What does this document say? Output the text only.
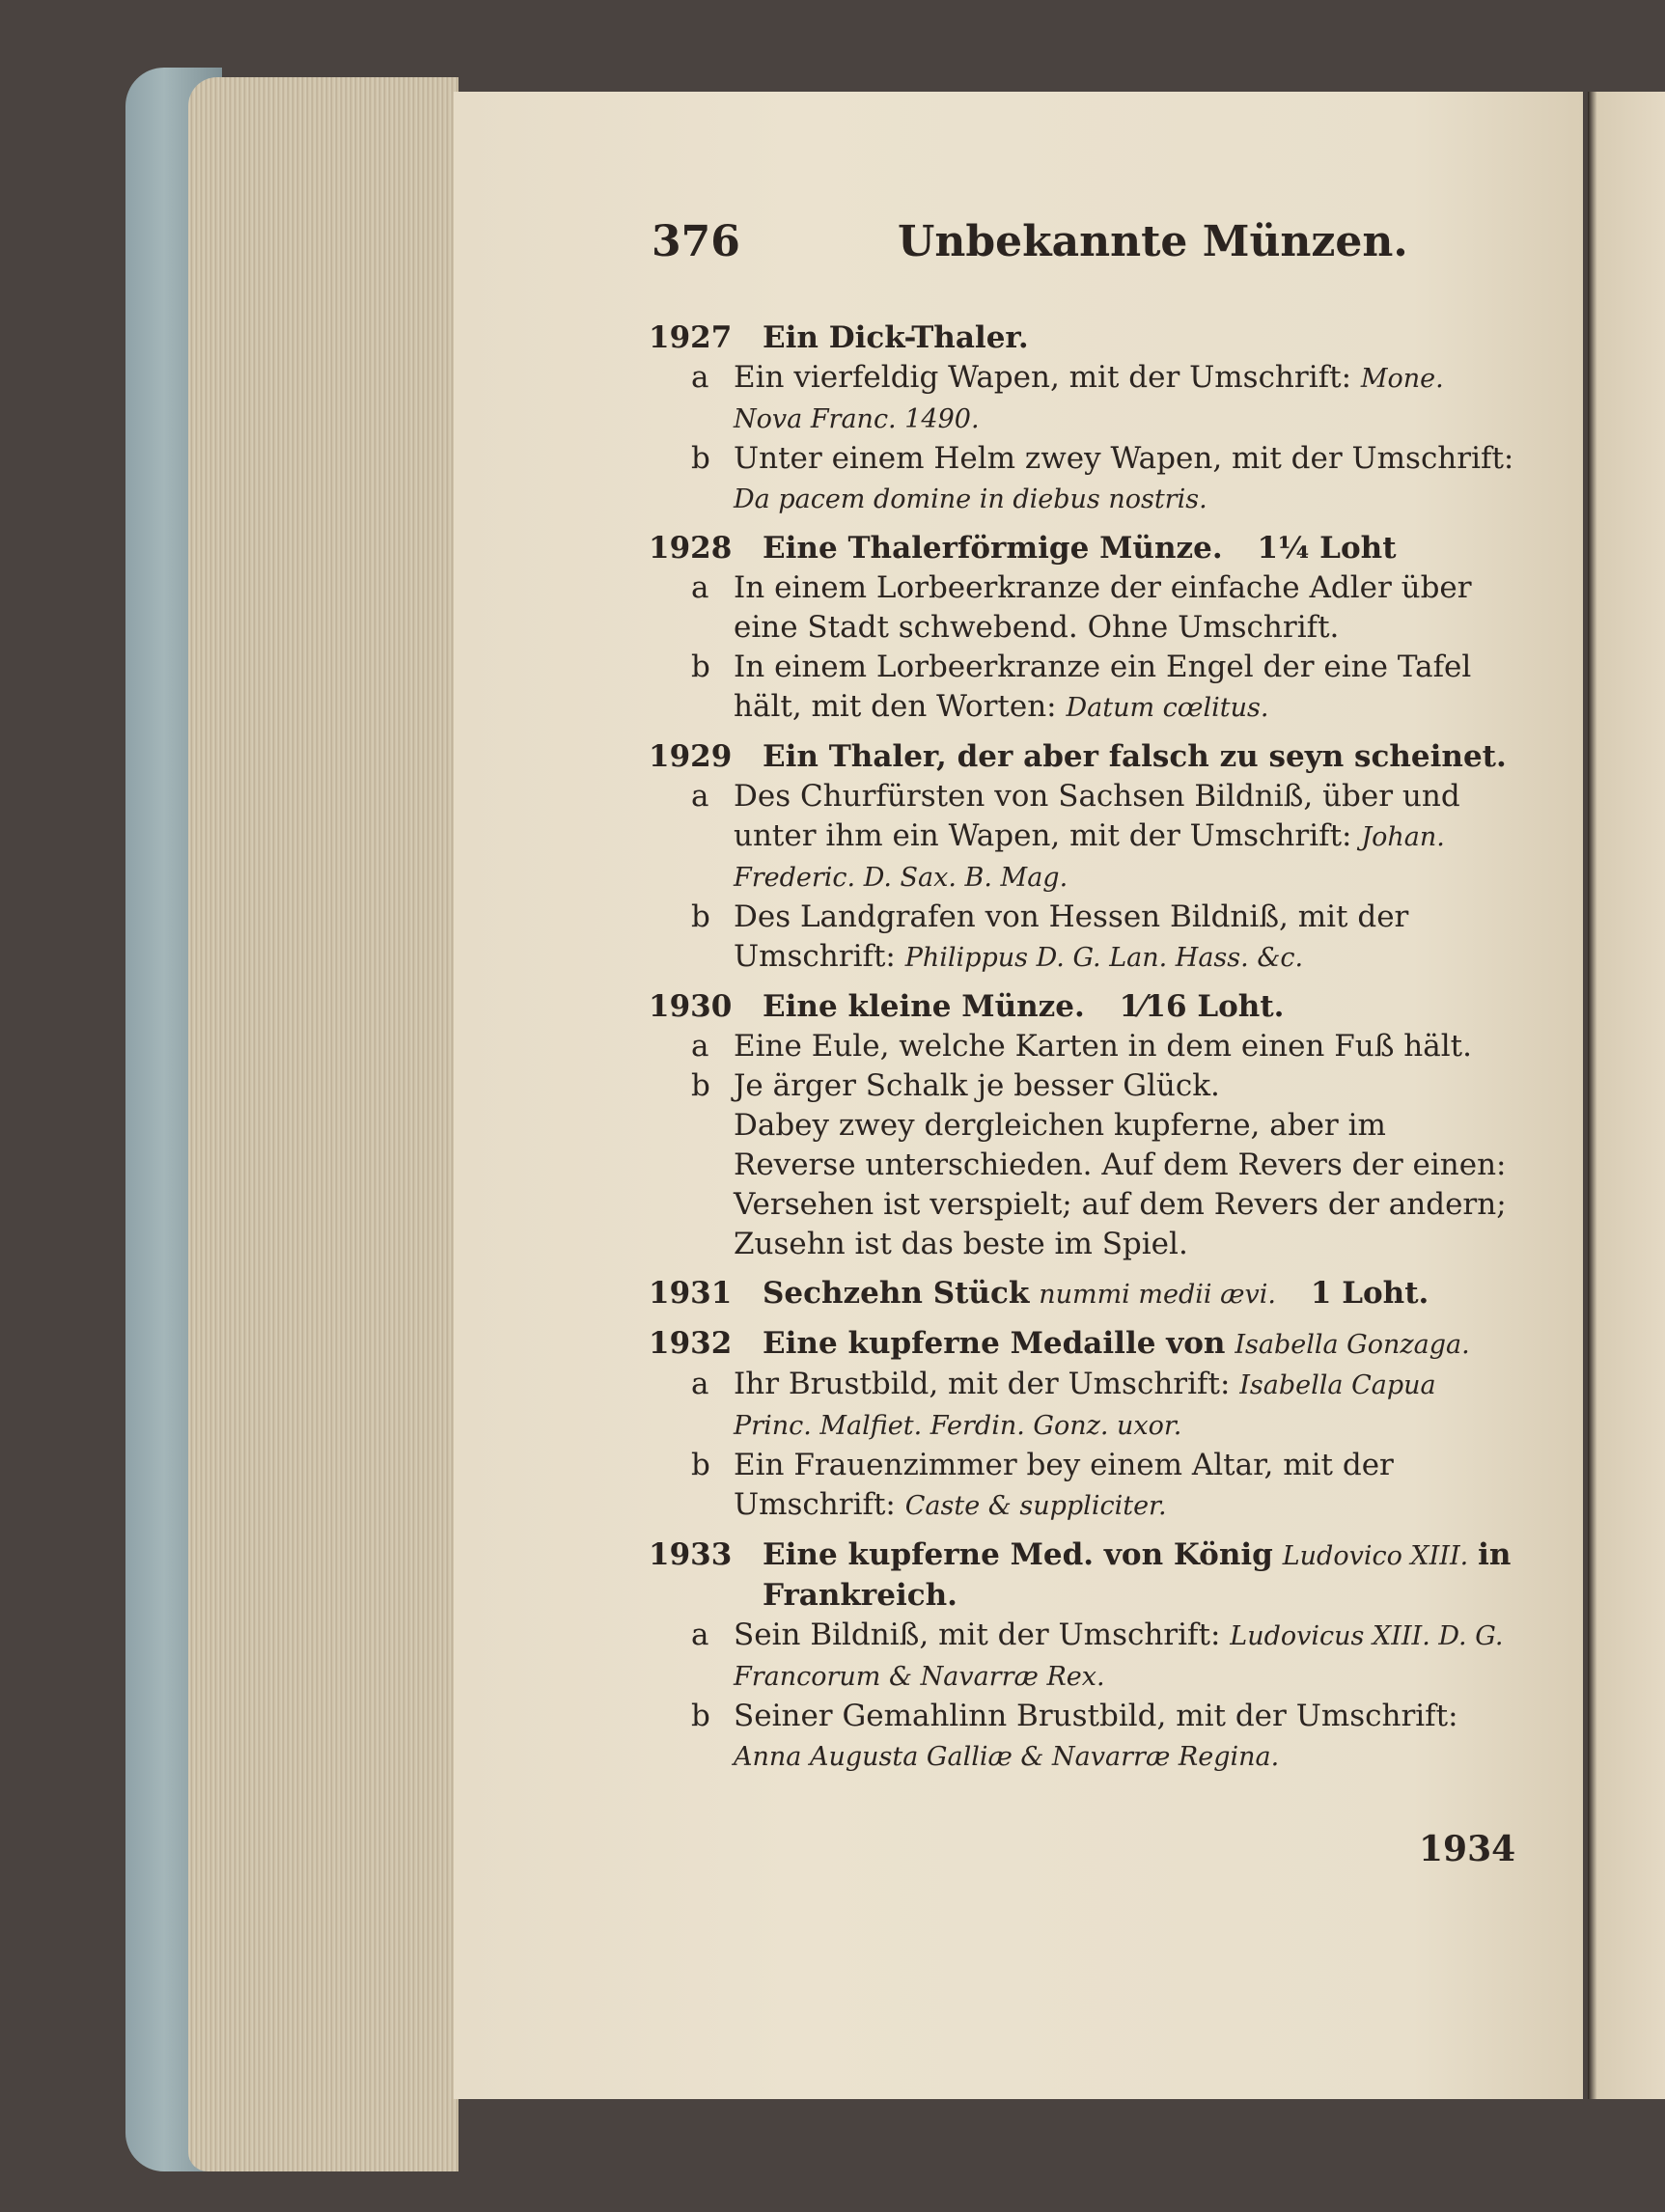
376	Unbekannte Münzen.
1927 Ein Dick-Thaler.
a Ein vierfeldig Wapen, mit der Umschrift: Mone. Nova Franc. 1490.
b Unter einem Helm zwey Wapen, mit der Umschrift: Da pacem domine in diebus nostris.
1928 Eine Thalerförmige Münze. 1¼ Loht
a In einem Lorbeerkranze der einfache Adler über eine Stadt schwebend. Ohne Umschrift.
b In einem Lorbeerkranze ein Engel der eine Tafel hält, mit den Worten: Datum cœlitus.
1929 Ein Thaler, der aber falsch zu seyn scheinet.
a Des Churfürsten von Sachsen Bildniß, über und unter ihm ein Wapen, mit der Umschrift: Johan. Frederic. D. Sax. B. Mag.
b Des Landgrafen von Hessen Bildniß, mit der Umschrift: Philippus D. G. Lan. Hass. &c.
1930 Eine kleine Münze. 1⁄16 Loht.
a Eine Eule, welche Karten in dem einen Fuß hält.
b Je ärger Schalk je besser Glück.
Dabey zwey dergleichen kupferne, aber im Reverse unterschieden. Auf dem Revers der einen: Versehen ist verspielt; auf dem Revers der andern; Zusehn ist das beste im Spiel.
1931 Sechzehn Stück nummi medii ævi. 1 Loht.
1932 Eine kupferne Medaille von Isabella Gonzaga.
a Ihr Brustbild, mit der Umschrift: Isabella Capua Princ. Malfiet. Ferdin. Gonz. uxor.
b Ein Frauenzimmer bey einem Altar, mit der Umschrift: Caste & suppliciter.
1933 Eine kupferne Med. von König Ludovico XIII. in Frankreich.
a Sein Bildniß, mit der Umschrift: Ludovicus XIII. D. G. Francorum & Navarræ Rex.
b Seiner Gemahlinn Brustbild, mit der Umschrift: Anna Augusta Galliæ & Navarræ Regina.
1934
